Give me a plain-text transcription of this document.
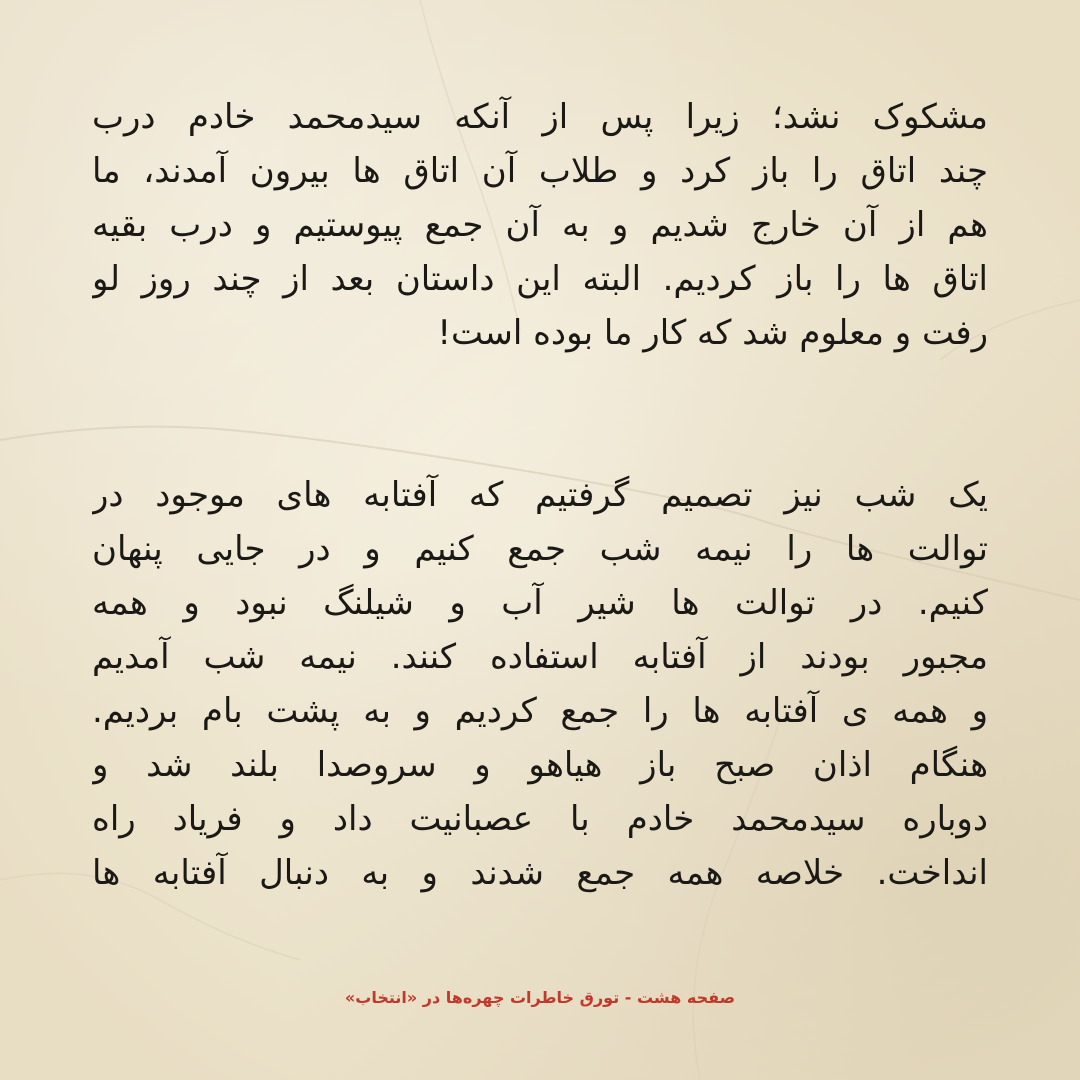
مشکوک نشد؛ زیرا پس از آنکه سیدمحمد خادم درب
چند اتاق را باز کرد و طلاب آن اتاق ها بیرون آمدند، ما
هم از آن خارج شدیم و به آن جمع پیوستیم و درب بقیه
اتاق ها را باز کردیم. البته این داستان بعد از چند روز لو
رفت و معلوم شد که کار ما بوده است!
یک شب نیز تصمیم گرفتیم که آفتابه های موجود در
توالت ها را نیمه شب جمع کنیم و در جایی پنهان
کنیم. در توالت ها شیر آب و شیلنگ نبود و همه
مجبور بودند از آفتابه استفاده کنند. نیمه شب آمدیم
و همه ی آفتابه ها را جمع کردیم و به پشت بام بردیم.
هنگام اذان صبح باز هیاهو و سروصدا بلند شد و
دوباره سیدمحمد خادم با عصبانیت داد و فریاد راه
انداخت. خلاصه همه جمع شدند و به دنبال آفتابه ها
صفحه هشت - تورق خاطرات چهره‌ها در «انتخاب»
